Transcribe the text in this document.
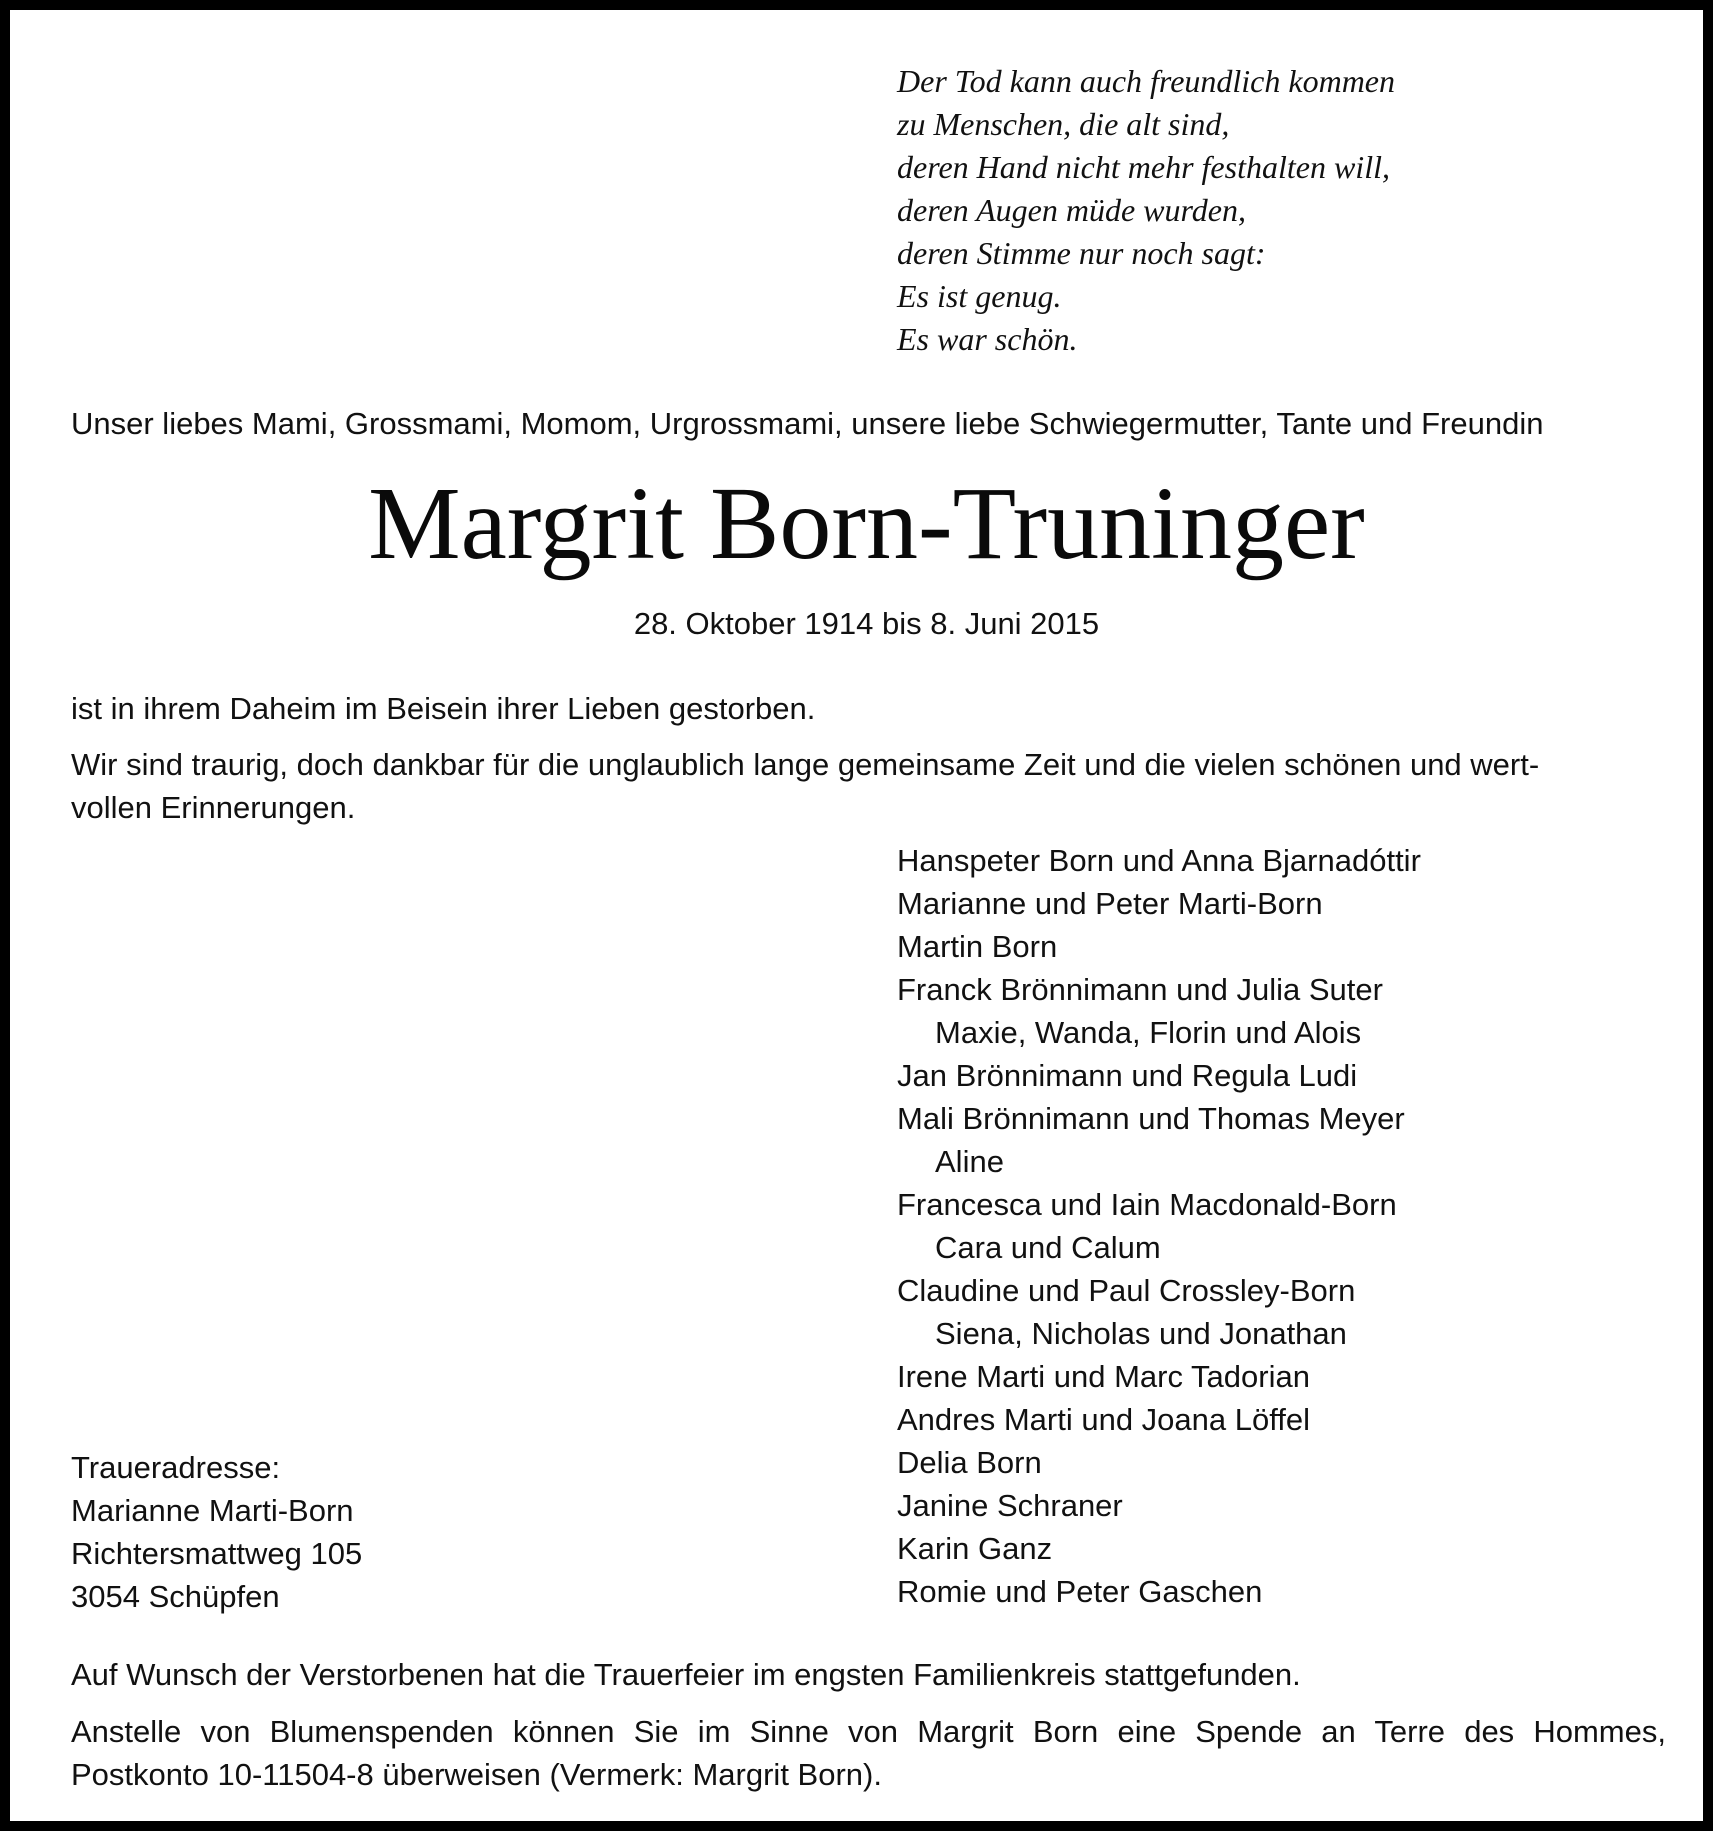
Der Tod kann auch freundlich kommen
zu Menschen, die alt sind,
deren Hand nicht mehr festhalten will,
deren Augen müde wurden,
deren Stimme nur noch sagt:
Es ist genug.
Es war schön.
Unser liebes Mami, Grossmami, Momom, Urgrossmami, unsere liebe Schwiegermutter, Tante und Freundin
Margrit Born-Truninger
28. Oktober 1914 bis 8. Juni 2015
ist in ihrem Daheim im Beisein ihrer Lieben gestorben.
Wir sind traurig, doch dankbar für die unglaublich lange gemeinsame Zeit und die vielen schönen und wert-
vollen Erinnerungen.
Hanspeter Born und Anna Bjarnadóttir
Marianne und Peter Marti-Born
Martin Born
Franck Brönnimann und Julia Suter
Maxie, Wanda, Florin und Alois
Jan Brönnimann und Regula Ludi
Mali Brönnimann und Thomas Meyer
Aline
Francesca und Iain Macdonald-Born
Cara und Calum
Claudine und Paul Crossley-Born
Siena, Nicholas und Jonathan
Irene Marti und Marc Tadorian
Andres Marti und Joana Löffel
Delia Born
Janine Schraner
Karin Ganz
Romie und Peter Gaschen
Traueradresse:
Marianne Marti-Born
Richtersmattweg 105
3054 Schüpfen
Auf Wunsch der Verstorbenen hat die Trauerfeier im engsten Familienkreis stattgefunden.
Anstelle von Blumenspenden können Sie im Sinne von Margrit Born eine Spende an Terre des Hommes,
Postkonto 10-11504-8 überweisen (Vermerk: Margrit Born).
